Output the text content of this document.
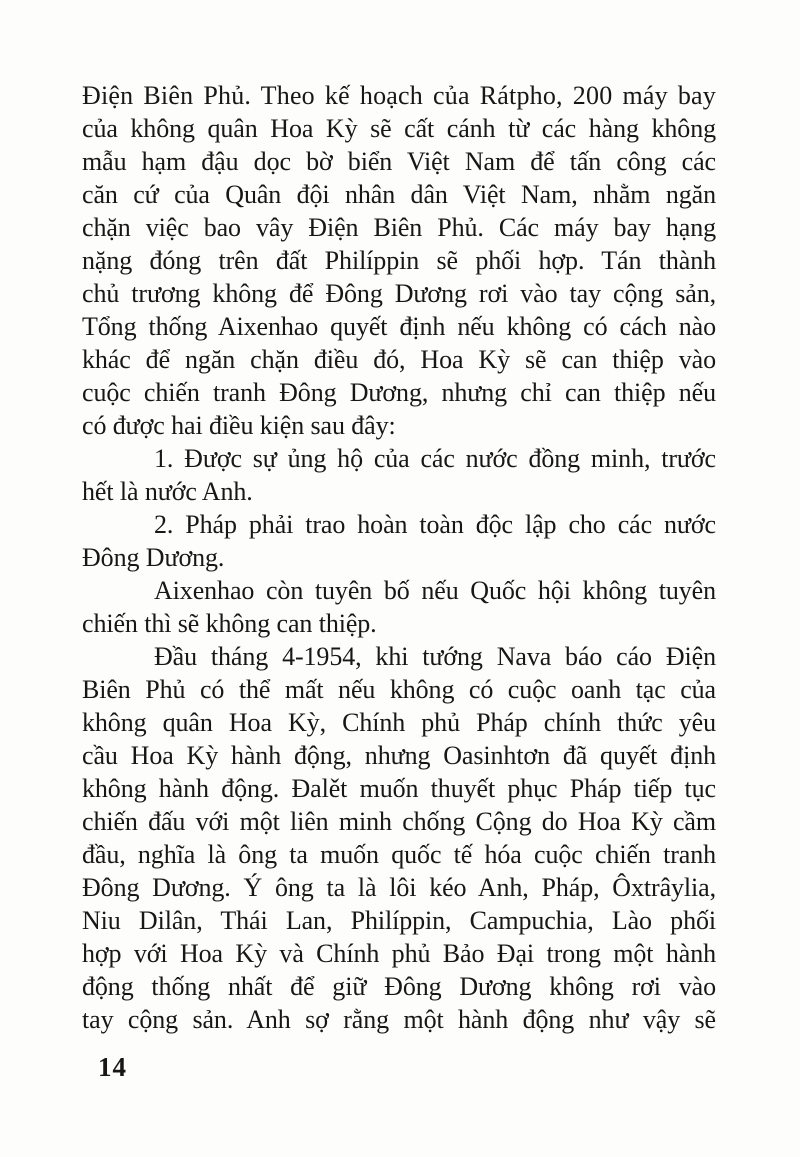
Điện Biên Phủ. Theo kế hoạch của Rátpho, 200 máy bay
của không quân Hoa Kỳ sẽ cất cánh từ các hàng không
mẫu hạm đậu dọc bờ biển Việt Nam để tấn công các
căn cứ của Quân đội nhân dân Việt Nam, nhằm ngăn
chặn việc bao vây Điện Biên Phủ. Các máy bay hạng
nặng đóng trên đất Philíppin sẽ phối hợp. Tán thành
chủ trương không để Đông Dương rơi vào tay cộng sản,
Tổng thống Aixenhao quyết định nếu không có cách nào
khác để ngăn chặn điều đó, Hoa Kỳ sẽ can thiệp vào
cuộc chiến tranh Đông Dương, nhưng chỉ can thiệp nếu
có được hai điều kiện sau đây:
1. Được sự ủng hộ của các nước đồng minh, trước
hết là nước Anh.
2. Pháp phải trao hoàn toàn độc lập cho các nước
Đông Dương.
Aixenhao còn tuyên bố nếu Quốc hội không tuyên
chiến thì sẽ không can thiệp.
Đầu tháng 4-1954, khi tướng Nava báo cáo Điện
Biên Phủ có thể mất nếu không có cuộc oanh tạc của
không quân Hoa Kỳ, Chính phủ Pháp chính thức yêu
cầu Hoa Kỳ hành động, nhưng Oasinhtơn đã quyết định
không hành động. Đalět muốn thuyết phục Pháp tiếp tục
chiến đấu với một liên minh chống Cộng do Hoa Kỳ cầm
đầu, nghĩa là ông ta muốn quốc tế hóa cuộc chiến tranh
Đông Dương. Ý ông ta là lôi kéo Anh, Pháp, Ôxtrâylia,
Niu Dilân, Thái Lan, Philíppin, Campuchia, Lào phối
hợp với Hoa Kỳ và Chính phủ Bảo Đại trong một hành
động thống nhất để giữ Đông Dương không rơi vào
tay cộng sản. Anh sợ rằng một hành động như vậy sẽ
14
